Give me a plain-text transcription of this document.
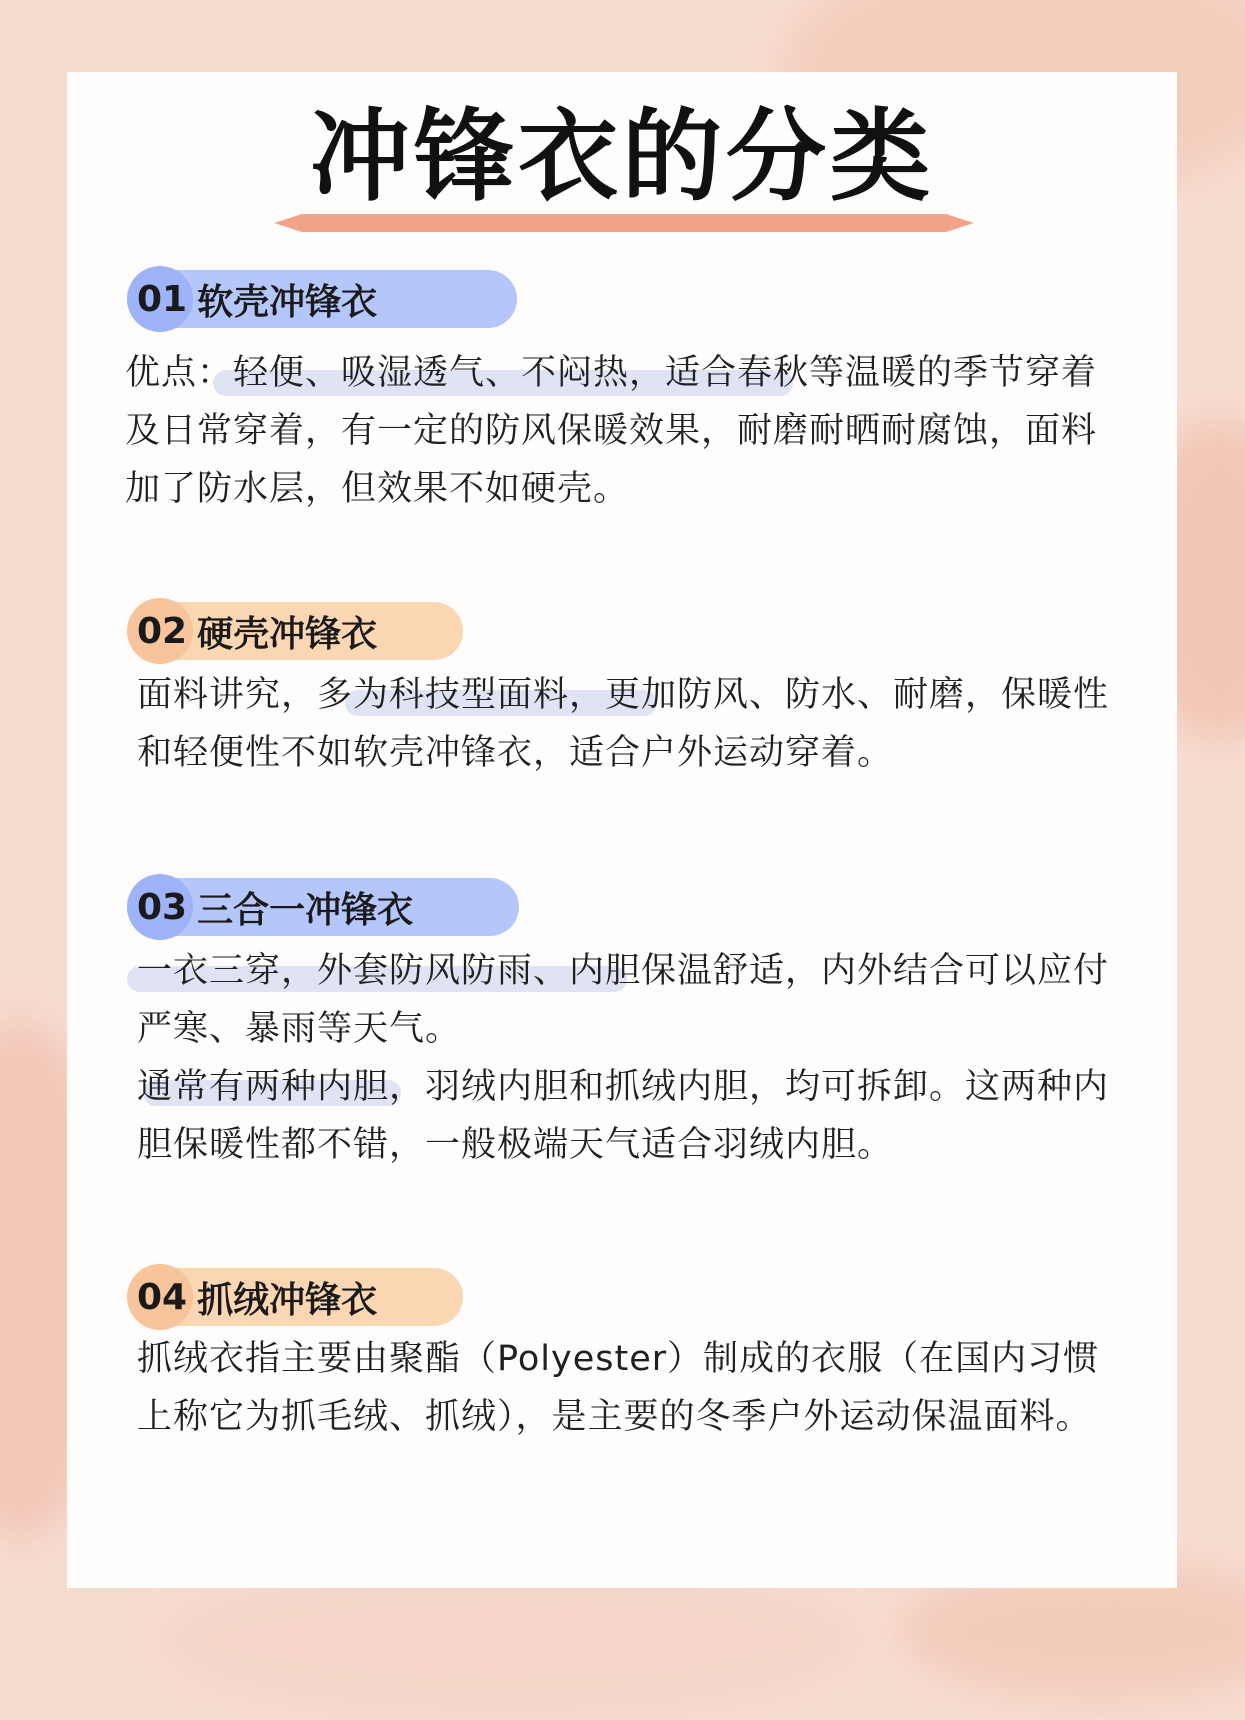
冲锋衣的分类
01 软壳冲锋衣

优点：轻便、吸湿透气、不闷热，适合春秋等温暖的季节穿着及日常穿着，有一定的防风保暖效果，耐磨耐晒耐腐蚀，面料加了防水层，但效果不如硬壳。

02 硬壳冲锋衣

面料讲究，多为科技型面料，更加防风、防水、耐磨，保暖性和轻便性不如软壳冲锋衣，适合户外运动穿着。

03 三合一冲锋衣

一衣三穿，外套防风防雨、内胆保温舒适，内外结合可以应付严寒、暴雨等天气。

通常有两种内胆，羽绒内胆和抓绒内胆，均可拆卸。这两种内胆保暖性都不错，一般极端天气适合羽绒内胆。

04 抓绒冲锋衣

抓绒衣指主要由聚酯（Polyester）制成的衣服（在国内习惯上称它为抓毛绒、抓绒），是主要的冬季户外运动保温面料。
